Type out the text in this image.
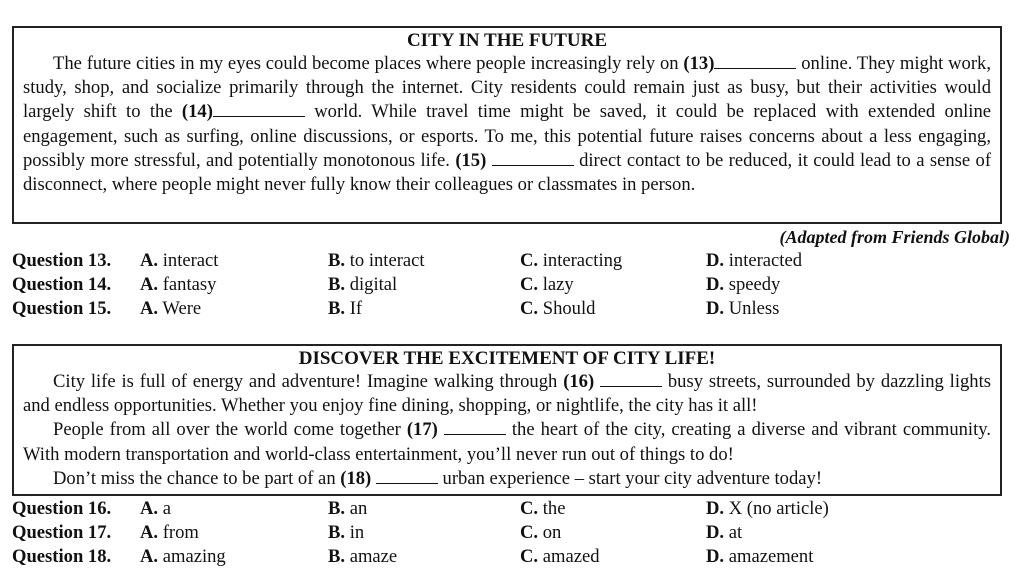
CITY IN THE FUTURE

The future cities in my eyes could become places where people increasingly rely on (13)	online. They might work, study, shop, and socialize primarily through the internet. City residents could remain just as busy, but their activities would largely shift to the (14)	world. While travel time might be saved, it could be replaced with extended online engagement, such as surfing, online discussions, or esports. To me, this potential future raises concerns about a less engaging, possibly more stressful, and potentially monotonous life. (15)	direct contact to be reduced, it could lead to a sense of disconnect, where people might never fully know their colleagues or classmates in person.

(Adapted from Friends Global)
Question 13. A. interact	B. to interact	C. interacting	D. interacted
Question 14. A. fantasy	B. digital	C. lazy	D. speedy
Question 15. A. Were	B. If	C. Should	D. Unless
DISCOVER THE EXCITEMENT OF CITY LIFE!

City life is full of energy and adventure! Imagine walking through (16)	busy streets, surrounded by dazzling lights and endless opportunities. Whether you enjoy fine dining, shopping, or nightlife, the city has it all!

People from all over the world come together (17)	the heart of the city, creating a diverse and vibrant community. With modern transportation and world-class entertainment, you’ll never run out of things to do!

Don’t miss the chance to be part of an (18)	urban experience – start your city adventure today!

Question 16. A. a	B. an	C. the	D. X (no article)
Question 17. A. from	B. in	C. on	D. at
Question 18. A. amazing	B. amaze	C. amazed	D. amazement
